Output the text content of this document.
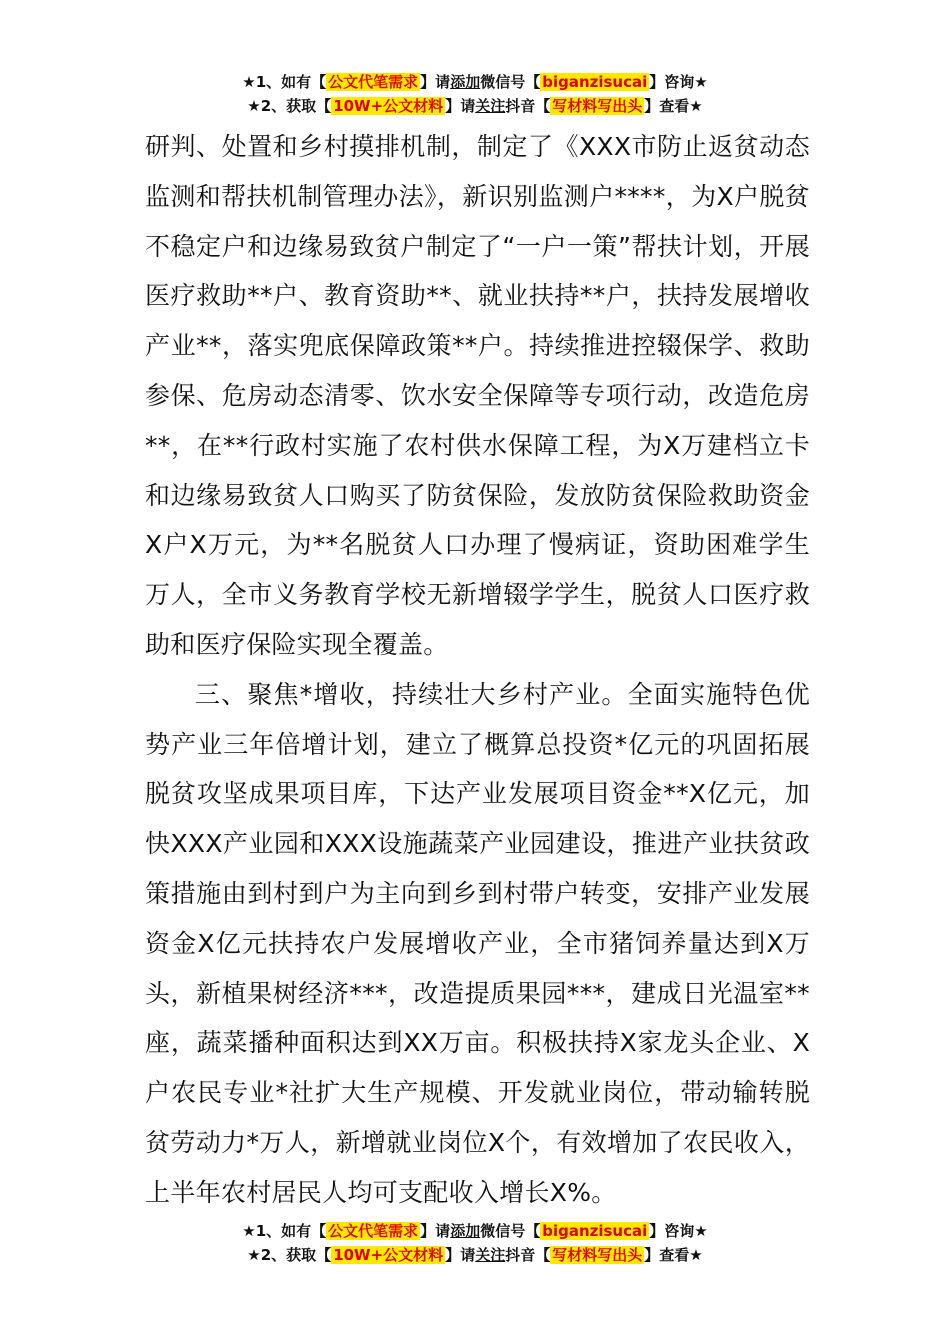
★1、如有【 公文代笔需求 】请添加微信号【 biganzisucai 】咨询★
★2、获取【 10W+公文材料 】请关注抖音【 写材料写出头 】查看★

研判、处置和乡村摸排机制，制定了《XXX市防止返贫动态监测和帮扶机制管理办法》，新识别监测户****，为X户脱贫不稳定户和边缘易致贫户制定了“一户一策”帮扶计划，开展医疗救助**户、教育资助**、就业扶持**户，扶持发展增收产业**，落实兜底保障政策**户。持续推进控辍保学、救助参保、危房动态清零、饮水安全保障等专项行动，改造危房**，在**行政村实施了农村供水保障工程，为X万建档立卡和边缘易致贫人口购买了防贫保险，发放防贫保险救助资金X户X万元，为**名脱贫人口办理了慢病证，资助困难学生万人，全市义务教育学校无新增辍学学生，脱贫人口医疗救助和医疗保险实现全覆盖。

三、聚焦*增收，持续壮大乡村产业。全面实施特色优势产业三年倍增计划，建立了概算总投资*亿元的巩固拓展脱贫攻坚成果项目库，下达产业发展项目资金**X亿元，加快XXX产业园和XXX设施蔬菜产业园建设，推进产业扶贫政策措施由到村到户为主向到乡到村带户转变，安排产业发展资金X亿元扶持农户发展增收产业，全市猪饲养量达到X万头，新植果树经济***，改造提质果园***，建成日光温室**座，蔬菜播种面积达到XX万亩。积极扶持X家龙头企业、X户农民专业*社扩大生产规模、开发就业岗位，带动输转脱贫劳动力*万人，新增就业岗位X个，有效增加了农民收入，上半年农村居民人均可支配收入增长X%。

★1、如有【 公文代笔需求 】请添加微信号【 biganzisucai 】咨询★
★2、获取【 10W+公文材料 】请关注抖音【 写材料写出头 】查看★
